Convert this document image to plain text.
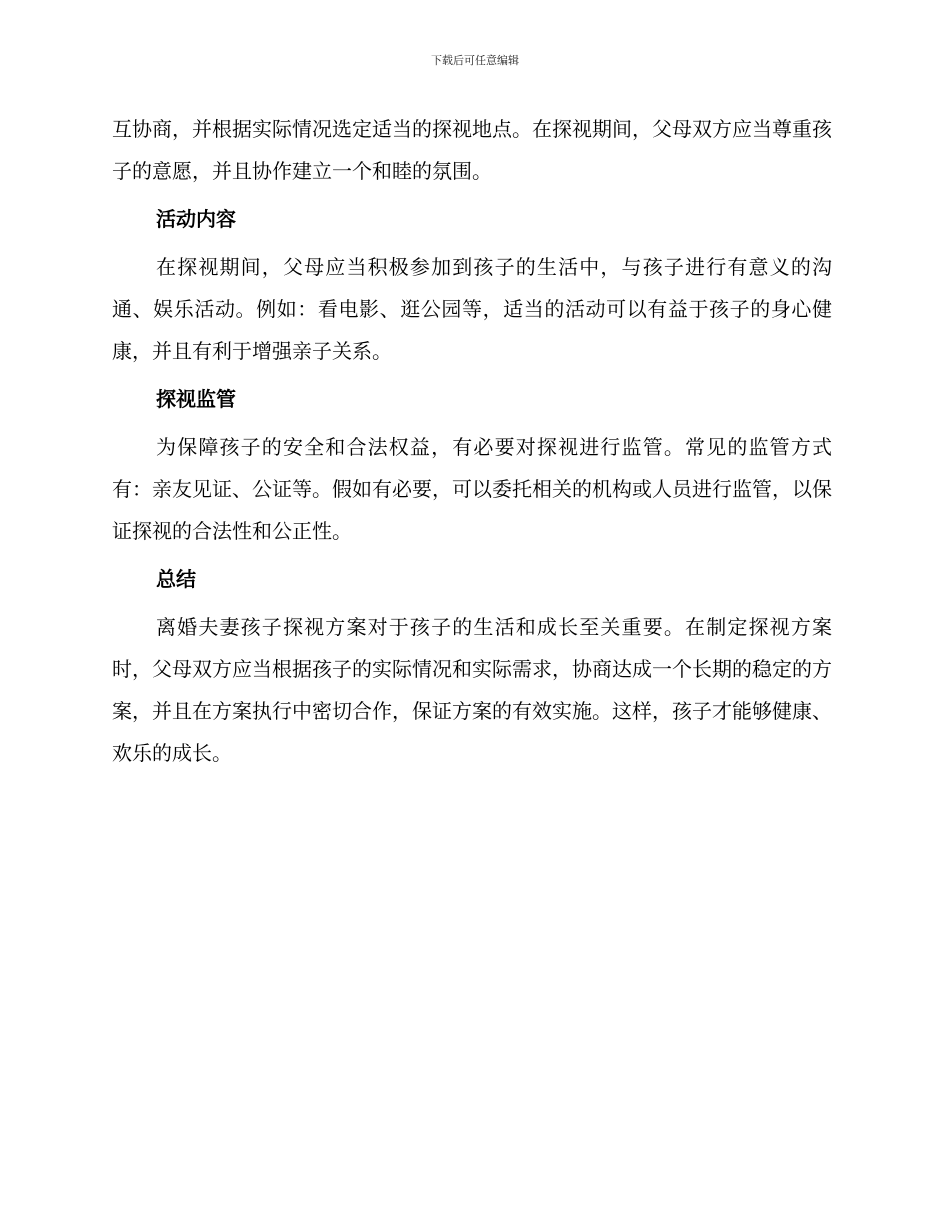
下载后可任意编辑

互协商，并根据实际情况选定适当的探视地点。在探视期间，父母双方应当尊重孩子的意愿，并且协作建立一个和睦的氛围。

活动内容

在探视期间，父母应当积极参加到孩子的生活中，与孩子进行有意义的沟通、娱乐活动。例如：看电影、逛公园等，适当的活动可以有益于孩子的身心健康，并且有利于增强亲子关系。

探视监管

为保障孩子的安全和合法权益，有必要对探视进行监管。常见的监管方式有：亲友见证、公证等。假如有必要，可以委托相关的机构或人员进行监管，以保证探视的合法性和公正性。

总结

离婚夫妻孩子探视方案对于孩子的生活和成长至关重要。在制定探视方案时，父母双方应当根据孩子的实际情况和实际需求，协商达成一个长期的稳定的方案，并且在方案执行中密切合作，保证方案的有效实施。这样，孩子才能够健康、欢乐的成长。
